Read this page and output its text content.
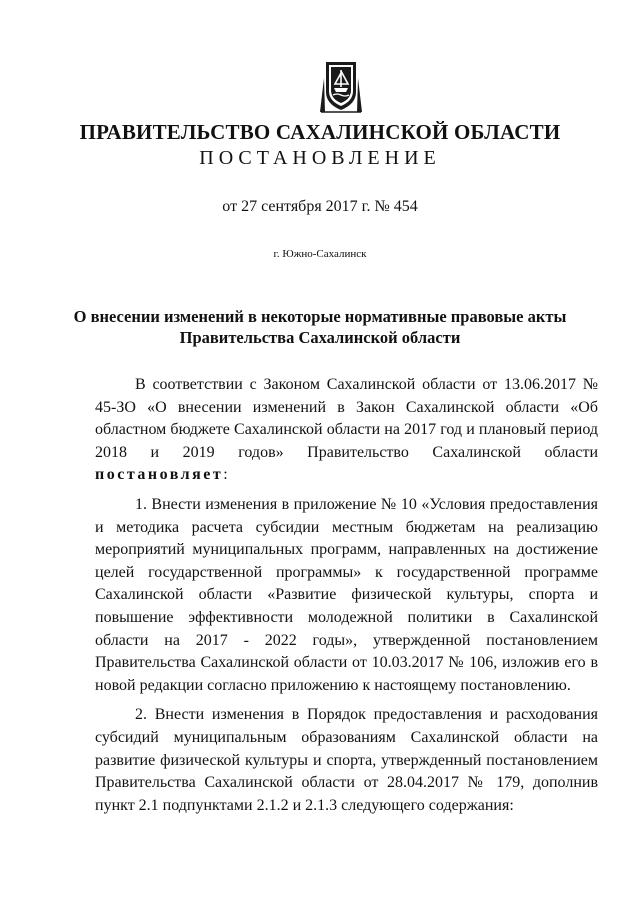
ПРАВИТЕЛЬСТВО САХАЛИНСКОЙ ОБЛАСТИ
ПОСТАНОВЛЕНИЕ
от 27 сентября 2017 г. № 454
г. Южно-Сахалинск
О внесении изменений в некоторые нормативные правовые акты
Правительства Сахалинской области

В соответствии с Законом Сахалинской области от 13.06.2017 № 45-ЗО «О внесении изменений в Закон Сахалинской области «Об областном бюджете Сахалинской области на 2017 год и плановый период 2018 и 2019 годов» Правительство Сахалинской области постановляет:

1. Внести изменения в приложение № 10 «Условия предоставления и методика расчета субсидии местным бюджетам на реализацию мероприятий муниципальных программ, направленных на достижение целей государственной программы» к государственной программе Сахалинской области «Развитие физической культуры, спорта и повышение эффективности молодежной политики в Сахалинской области на 2017 - 2022 годы», утвержденной постановлением Правительства Сахалинской области от 10.03.2017 № 106, изложив его в новой редакции согласно приложению к настоящему постановлению.

2. Внести изменения в Порядок предоставления и расходования субсидий муниципальным образованиям Сахалинской области на развитие физической культуры и спорта, утвержденный постановлением Правительства Сахалинской области от 28.04.2017 № 179, дополнив пункт 2.1 подпунктами 2.1.2 и 2.1.3 следующего содержания:
